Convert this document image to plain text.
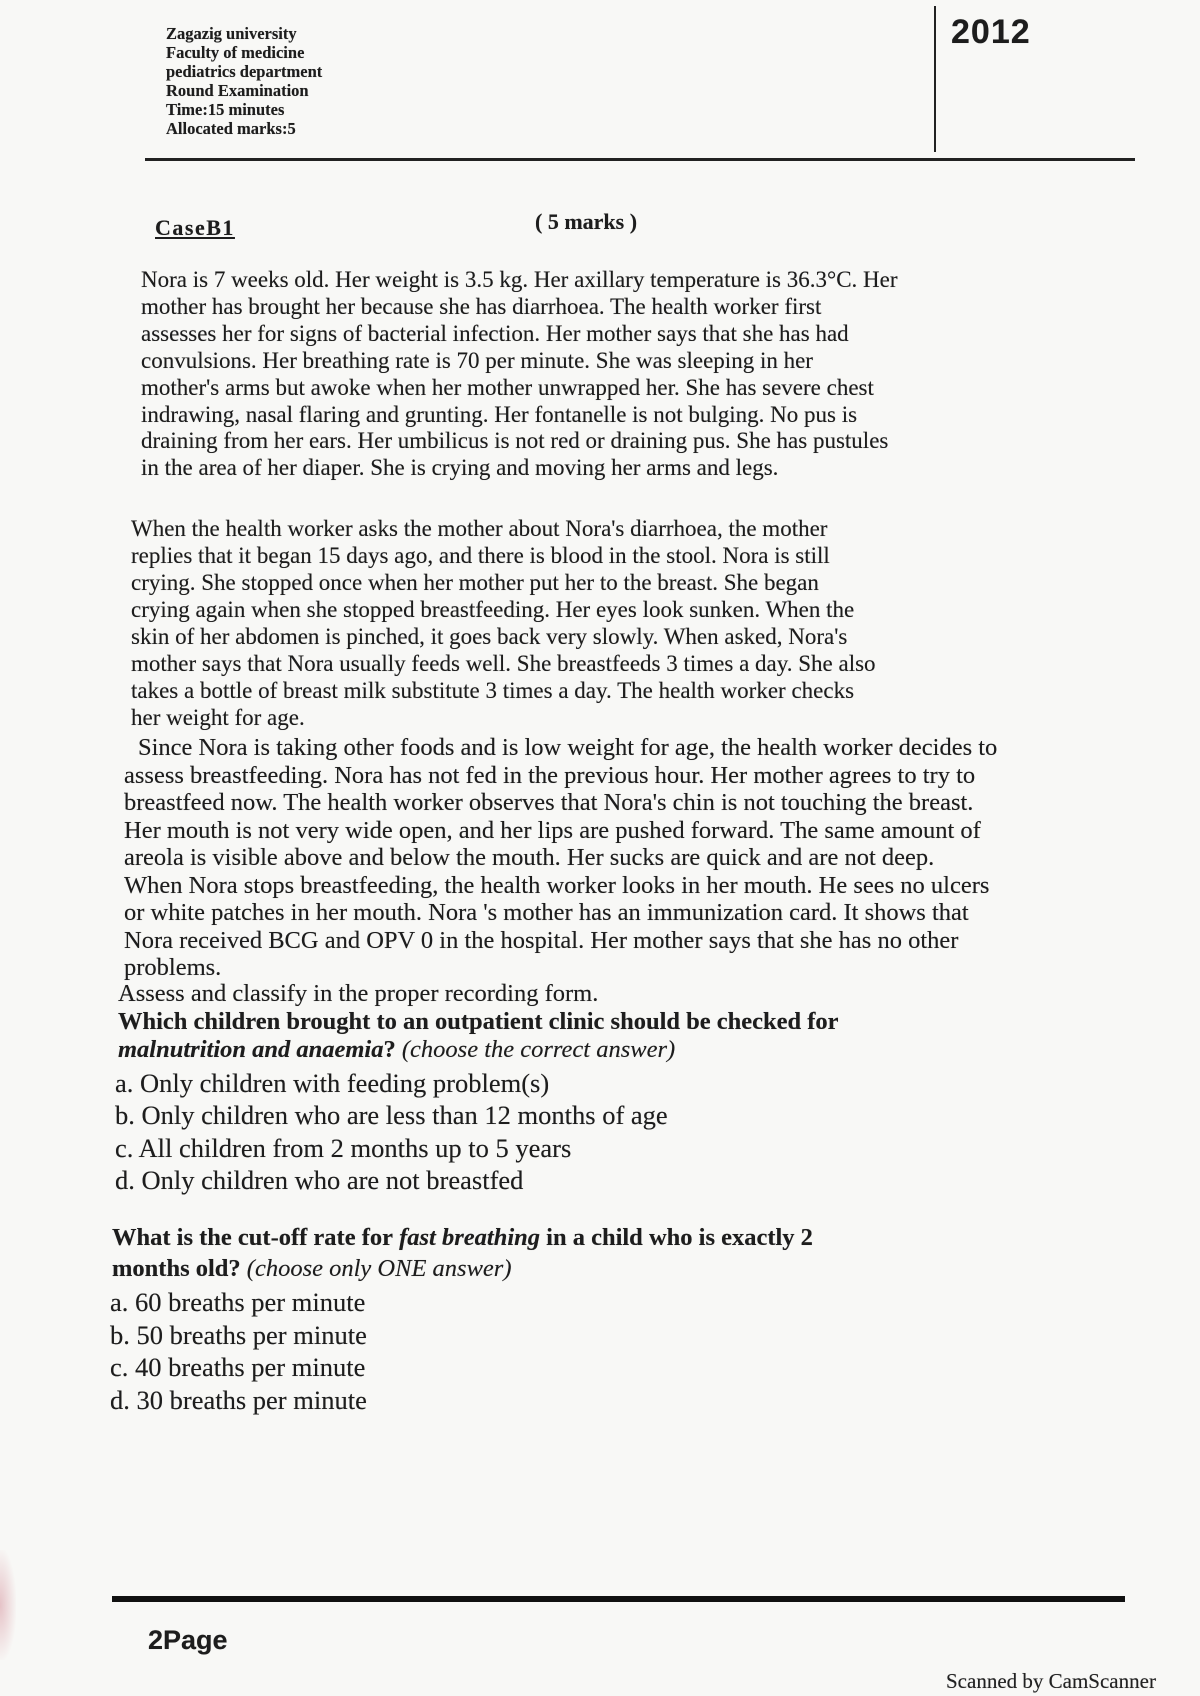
Zagazig university
Faculty of medicine
pediatrics department
Round Examination
Time:15 minutes
Allocated marks:5
2012
CaseB1	( 5 marks )
Nora is 7 weeks old. Her weight is 3.5 kg. Her axillary temperature is 36.3°C. Her
mother has brought her because she has diarrhoea. The health worker first
assesses her for signs of bacterial infection. Her mother says that she has had
convulsions. Her breathing rate is 70 per minute. She was sleeping in her
mother's arms but awoke when her mother unwrapped her. She has severe chest
indrawing, nasal flaring and grunting. Her fontanelle is not bulging. No pus is
draining from her ears. Her umbilicus is not red or draining pus. She has pustules
in the area of her diaper. She is crying and moving her arms and legs.
When the health worker asks the mother about Nora's diarrhoea, the mother
replies that it began 15 days ago, and there is blood in the stool. Nora is still
crying. She stopped once when her mother put her to the breast. She began
crying again when she stopped breastfeeding. Her eyes look sunken. When the
skin of her abdomen is pinched, it goes back very slowly. When asked, Nora's
mother says that Nora usually feeds well. She breastfeeds 3 times a day. She also
takes a bottle of breast milk substitute 3 times a day. The health worker checks
her weight for age.
Since Nora is taking other foods and is low weight for age, the health worker decides to
assess breastfeeding. Nora has not fed in the previous hour. Her mother agrees to try to
breastfeed now. The health worker observes that Nora's chin is not touching the breast.
Her mouth is not very wide open, and her lips are pushed forward. The same amount of
areola is visible above and below the mouth. Her sucks are quick and are not deep.
When Nora stops breastfeeding, the health worker looks in her mouth. He sees no ulcers
or white patches in her mouth. Nora 's mother has an immunization card. It shows that
Nora received BCG and OPV 0 in the hospital. Her mother says that she has no other
problems.
Assess and classify in the proper recording form.
Which children brought to an outpatient clinic should be checked for
malnutrition and anaemia? (choose the correct answer)
a. Only children with feeding problem(s)
b. Only children who are less than 12 months of age
c. All children from 2 months up to 5 years
d. Only children who are not breastfed
What is the cut-off rate for fast breathing in a child who is exactly 2
months old? (choose only ONE answer)
a. 60 breaths per minute
b. 50 breaths per minute
c. 40 breaths per minute
d. 30 breaths per minute
2Page
Scanned by CamScanner
